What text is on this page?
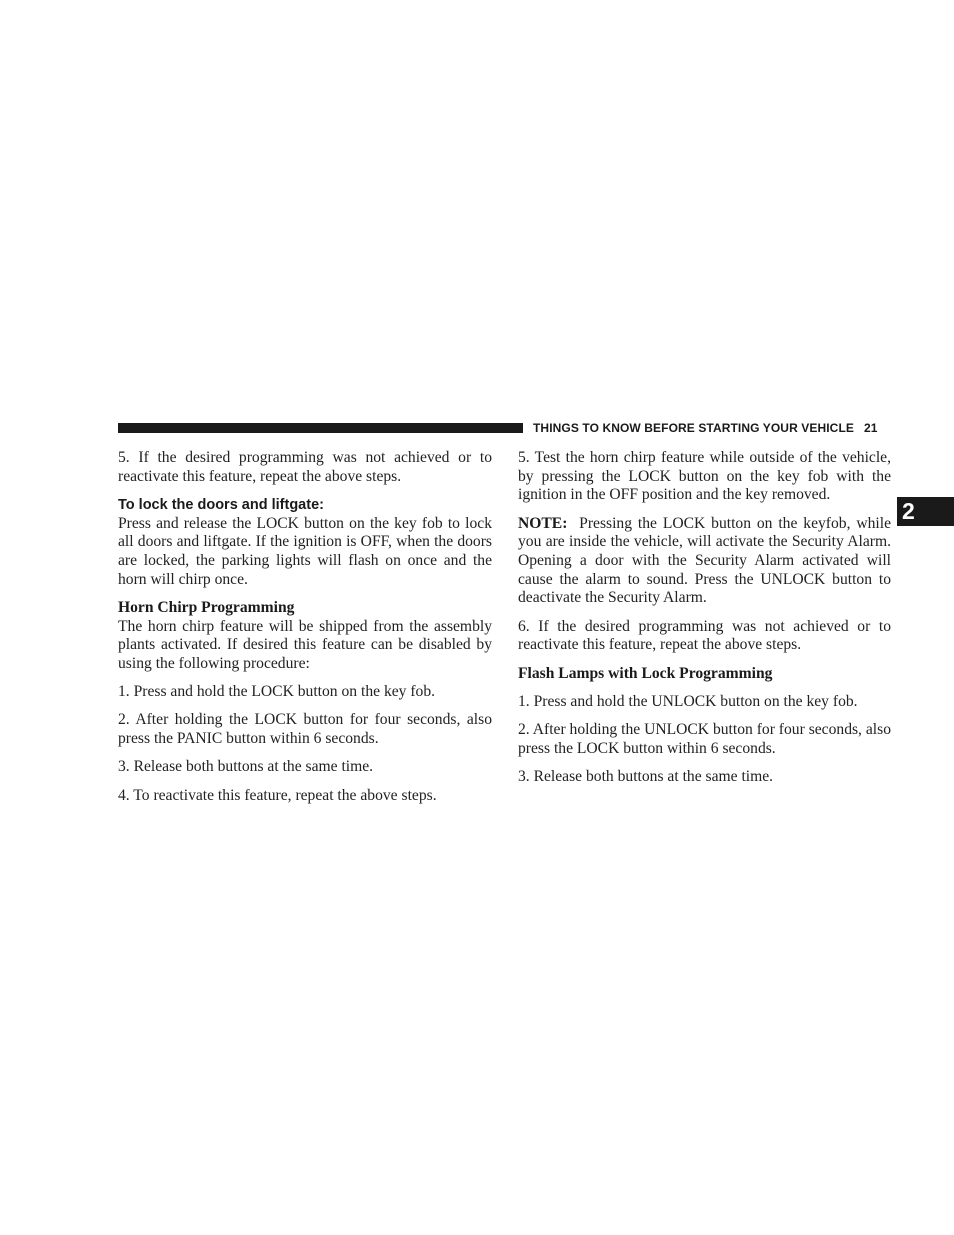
THINGS TO KNOW BEFORE STARTING YOUR VEHICLE 21
2

5. If the desired programming was not achieved or to reactivate this feature, repeat the above steps.

To lock the doors and liftgate:

Press and release the LOCK button on the key fob to lock all doors and liftgate. If the ignition is OFF, when the doors are locked, the parking lights will flash on once and the horn will chirp once.

Horn Chirp Programming

The horn chirp feature will be shipped from the assembly plants activated. If desired this feature can be disabled by using the following procedure:

1. Press and hold the LOCK button on the key fob.

2. After holding the LOCK button for four seconds, also press the PANIC button within 6 seconds.

3. Release both buttons at the same time.

4. To reactivate this feature, repeat the above steps.

5. Test the horn chirp feature while outside of the vehicle, by pressing the LOCK button on the key fob with the ignition in the OFF position and the key removed.

NOTE: Pressing the LOCK button on the keyfob, while you are inside the vehicle, will activate the Security Alarm. Opening a door with the Security Alarm activated will cause the alarm to sound. Press the UNLOCK button to deactivate the Security Alarm.

6. If the desired programming was not achieved or to reactivate this feature, repeat the above steps.

Flash Lamps with Lock Programming

1. Press and hold the UNLOCK button on the key fob.

2. After holding the UNLOCK button for four seconds, also press the LOCK button within 6 seconds.

3. Release both buttons at the same time.
